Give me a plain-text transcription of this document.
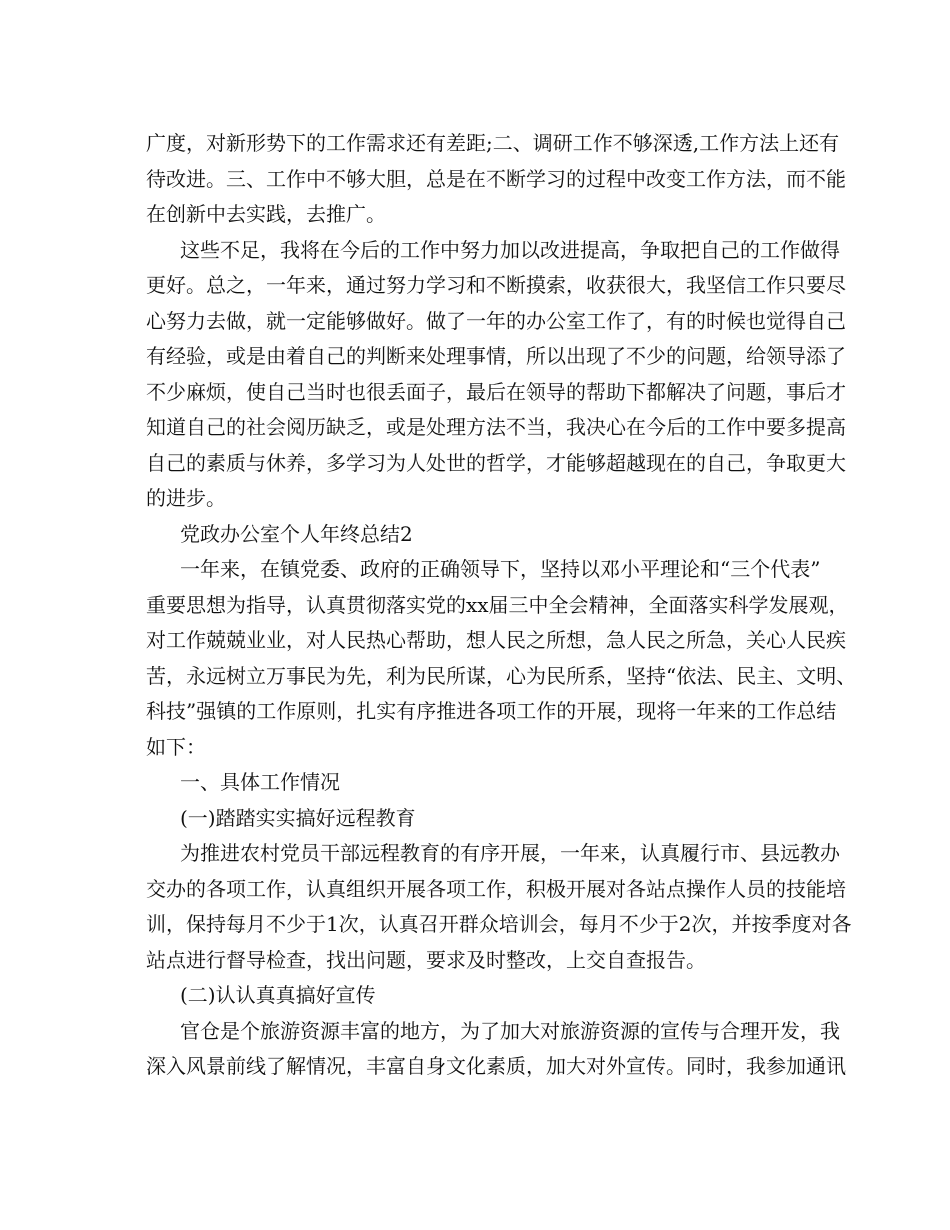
广度，对新形势下的工作需求还有差距;二、调研工作不够深透,工作方法上还有
待改进。三、工作中不够大胆，总是在不断学习的过程中改变工作方法，而不能
在创新中去实践，去推广。
这些不足，我将在今后的工作中努力加以改进提高，争取把自己的工作做得
更好。总之，一年来，通过努力学习和不断摸索，收获很大，我坚信工作只要尽
心努力去做，就一定能够做好。做了一年的办公室工作了，有的时候也觉得自己
有经验，或是由着自己的判断来处理事情，所以出现了不少的问题，给领导添了
不少麻烦，使自己当时也很丢面子，最后在领导的帮助下都解决了问题，事后才
知道自己的社会阅历缺乏，或是处理方法不当，我决心在今后的工作中要多提高
自己的素质与休养，多学习为人处世的哲学，才能够超越现在的自己，争取更大
的进步。
党政办公室个人年终总结2
一年来，在镇党委、政府的正确领导下，坚持以邓小平理论和“三个代表”
重要思想为指导，认真贯彻落实党的xx届三中全会精神，全面落实科学发展观，
对工作兢兢业业，对人民热心帮助，想人民之所想，急人民之所急，关心人民疾
苦，永远树立万事民为先，利为民所谋，心为民所系，坚持“依法、民主、文明、
科技”强镇的工作原则，扎实有序推进各项工作的开展，现将一年来的工作总结
如下：
一、具体工作情况
(一)踏踏实实搞好远程教育
为推进农村党员干部远程教育的有序开展，一年来，认真履行市、县远教办
交办的各项工作，认真组织开展各项工作，积极开展对各站点操作人员的技能培
训，保持每月不少于1次，认真召开群众培训会，每月不少于2次，并按季度对各
站点进行督导检查，找出问题，要求及时整改，上交自查报告。
(二)认认真真搞好宣传
官仓是个旅游资源丰富的地方，为了加大对旅游资源的宣传与合理开发，我
深入风景前线了解情况，丰富自身文化素质，加大对外宣传。同时，我参加通讯
